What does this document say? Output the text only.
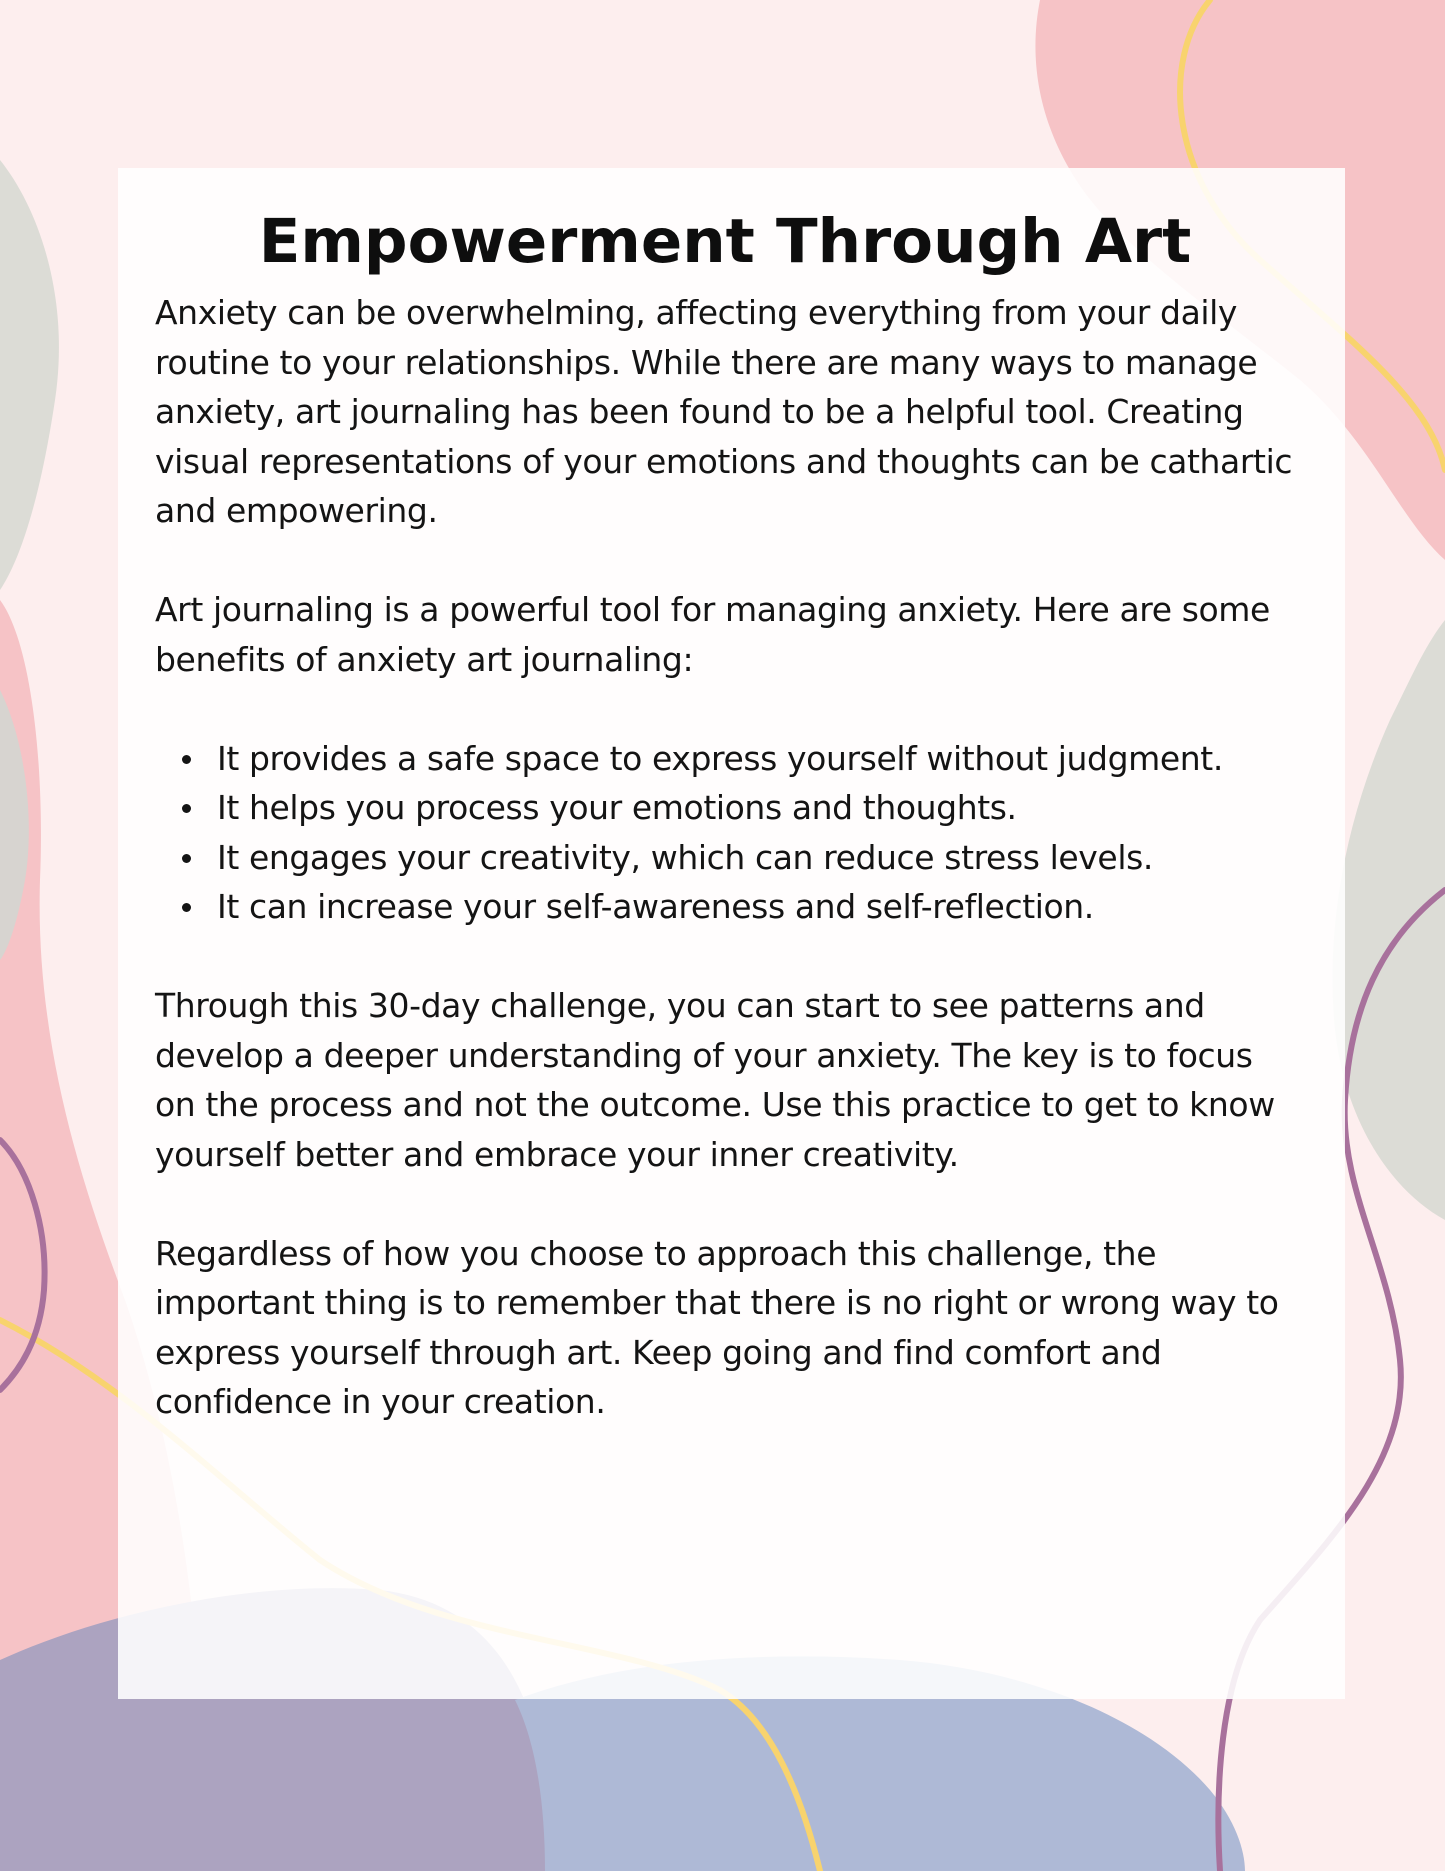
Empowerment Through Art

Anxiety can be overwhelming, affecting everything from your daily routine to your relationships. While there are many ways to manage anxiety, art journaling has been found to be a helpful tool. Creating visual representations of your emotions and thoughts can be cathartic and empowering.

Art journaling is a powerful tool for managing anxiety. Here are some benefits of anxiety art journaling:

It provides a safe space to express yourself without judgment.
It helps you process your emotions and thoughts.
It engages your creativity, which can reduce stress levels.
It can increase your self-awareness and self-reflection.

Through this 30-day challenge, you can start to see patterns and develop a deeper understanding of your anxiety. The key is to focus on the process and not the outcome. Use this practice to get to know yourself better and embrace your inner creativity.

Regardless of how you choose to approach this challenge, the important thing is to remember that there is no right or wrong way to express yourself through art. Keep going and find comfort and confidence in your creation.
